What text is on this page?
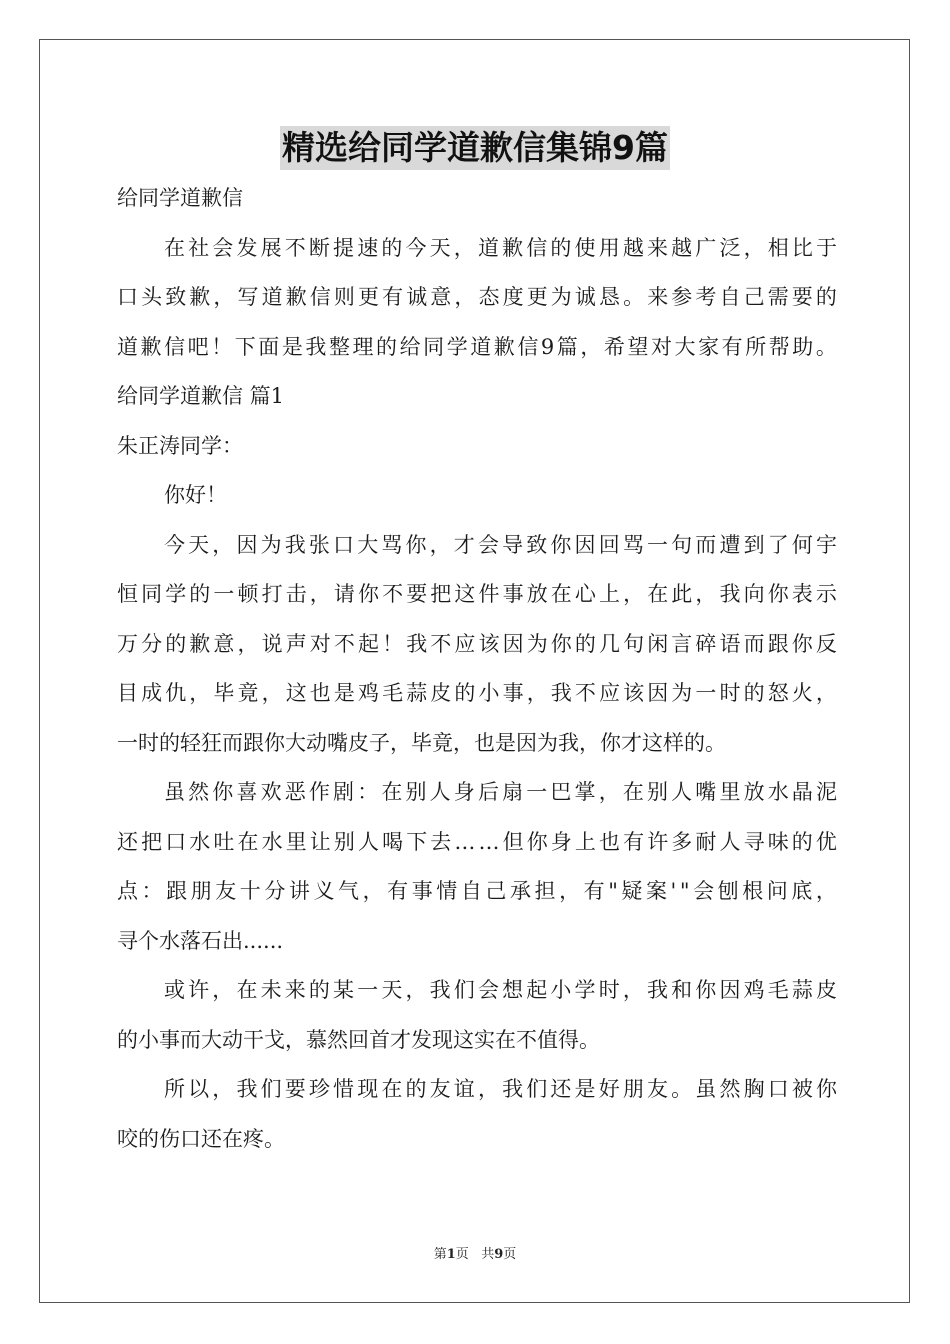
精选给同学道歉信集锦9篇
给同学道歉信
在社会发展不断提速的今天，道歉信的使用越来越广泛，相比于
口头致歉，写道歉信则更有诚意，态度更为诚恳。来参考自己需要的
道歉信吧！下面是我整理的给同学道歉信9篇，希望对大家有所帮助。
给同学道歉信 篇1
朱正涛同学：
你好！
今天，因为我张口大骂你，才会导致你因回骂一句而遭到了何宇
恒同学的一顿打击，请你不要把这件事放在心上，在此，我向你表示
万分的歉意，说声对不起！我不应该因为你的几句闲言碎语而跟你反
目成仇，毕竟，这也是鸡毛蒜皮的小事，我不应该因为一时的怒火，
一时的轻狂而跟你大动嘴皮子，毕竟，也是因为我，你才这样的。
虽然你喜欢恶作剧：在别人身后扇一巴掌，在别人嘴里放水晶泥
还把口水吐在水里让别人喝下去……但你身上也有许多耐人寻味的优
点：跟朋友十分讲义气，有事情自己承担，有"疑案'"会刨根问底，
寻个水落石出......
或许，在未来的某一天，我们会想起小学时，我和你因鸡毛蒜皮
的小事而大动干戈，慕然回首才发现这实在不值得。
所以，我们要珍惜现在的友谊，我们还是好朋友。虽然胸口被你
咬的伤口还在疼。
第1页 共9页
